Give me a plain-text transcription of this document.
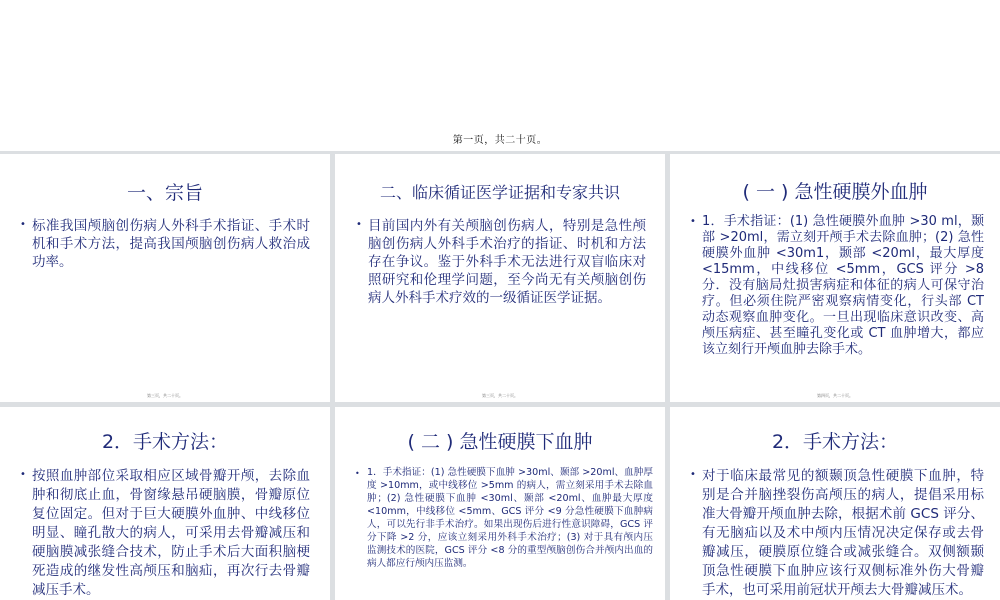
第一页，共二十页。
一、宗旨
• 标准我国颅脑创伤病人外科手术指证、手术时机和手术方法，提高我国颅脑创伤病人救治成功率。
第三页，共二十页。
二、临床循证医学证据和专家共识
• 目前国内外有关颅脑创伤病人，特别是急性颅脑创伤病人外科手术治疗的指证、时机和方法存在争议。鉴于外科手术无法进行双盲临床对照研究和伦理学问题，至今尚无有关颅脑创伤病人外科手术疗效的一级循证医学证据。
第三页，共二十页。
( 一 ) 急性硬膜外血肿
• 1．手术指证：(1) 急性硬膜外血肿 >30 ml，颞部 >20ml，需立刻开颅手术去除血肿；(2) 急性硬膜外血肿 <30m1，颞部 <20ml，最大厚度 <15mm，中线移位 <5mm，GCS 评分 >8 分．没有脑局灶损害病症和体征的病人可保守治疗。但必须住院严密观察病情变化，行头部 CT 动态观察血肿变化。一旦出现临床意识改变、高颅压病症、甚至瞳孔变化或 CT 血肿增大，都应该立刻行开颅血肿去除手术。
第四页，共二十页。
2．手术方法：
• 按照血肿部位采取相应区域骨瓣开颅，去除血肿和彻底止血，骨窗缘悬吊硬脑膜，骨瓣原位复位固定。但对于巨大硬膜外血肿、中线移位明显、瞳孔散大的病人，可采用去骨瓣减压和硬脑膜减张缝合技术，防止手术后大面积脑梗死造成的继发性高颅压和脑疝，再次行去骨瓣减压手术。
( 二 ) 急性硬膜下血肿
• 1．手术指证：(1) 急性硬膜下血肿 >30ml、颞部 >20ml、血肿厚度 >10mm，或中线移位 >5mm 的病人，需立刻采用手术去除血肿；(2) 急性硬膜下血肿 <30ml、颞部 <20ml、血肿最大厚度 <10mm，中线移位 <5mm、GCS 评分 <9 分急性硬膜下血肿病人，可以先行非手术治疗。如果出现伤后进行性意识障碍，GCS 评分下降 >2 分，应该立刻采用外科手术治疗；(3) 对于具有颅内压监测技术的医院，GCS 评分 <8 分的重型颅脑创伤合并颅内出血的病人都应行颅内压监测。
2．手术方法：
• 对于临床最常见的额颞顶急性硬膜下血肿，特别是合并脑挫裂伤高颅压的病人，提倡采用标准大骨瓣开颅血肿去除，根据术前 GCS 评分、有无脑疝以及术中颅内压情况决定保存或去骨瓣减压，硬膜原位缝合或减张缝合。双侧额颞顶急性硬膜下血肿应该行双侧标准外伤大骨瓣手术，也可采用前冠状开颅去大骨瓣减压术。
